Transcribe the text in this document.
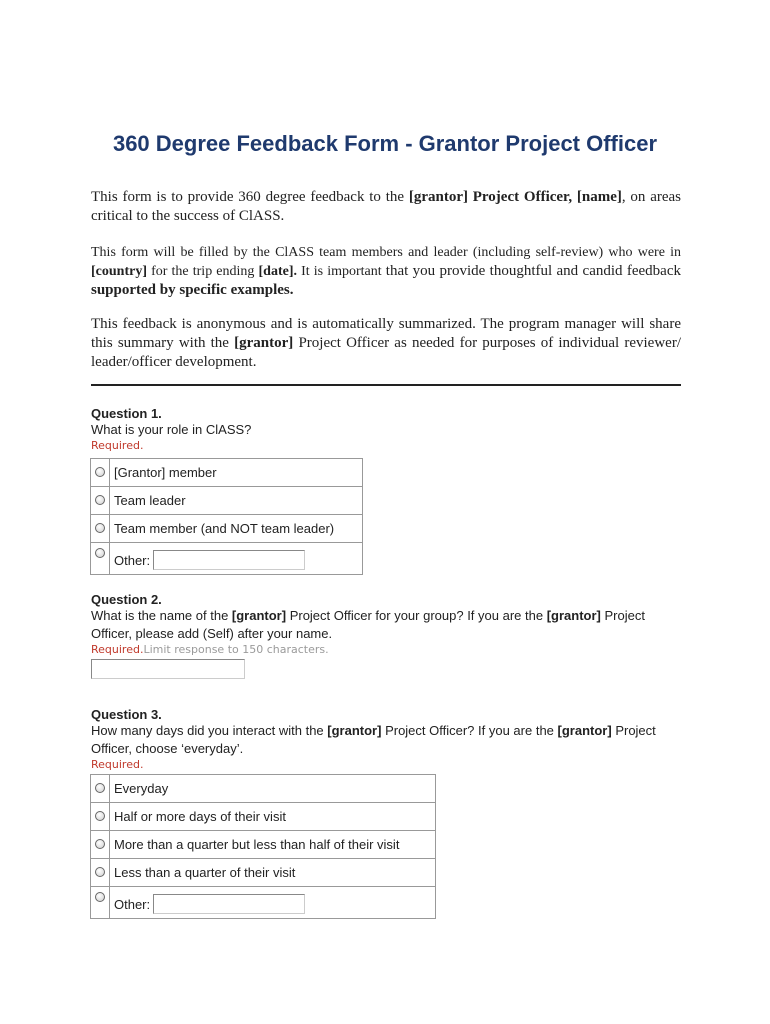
360 Degree Feedback Form - Grantor Project Officer

This form is to provide 360 degree feedback to the [grantor] Project Officer, [name], on areas critical to the success of ClASS.

This form will be filled by the ClASS team members and leader (including self-review) who were in [country] for the trip ending [date]. It is important that you provide thoughtful and candid feedback supported by specific examples.

This feedback is anonymous and is automatically summarized. The program manager will share this summary with the [grantor] Project Officer as needed for purposes of individual reviewer/ leader/officer development.

Question 1.
What is your role in ClASS?
Required.
	[Grantor] member
	Team leader
	Team member (and NOT team leader)
	Other:
Question 2.
What is the name of the [grantor] Project Officer for your group? If you are the [grantor] Project Officer, please add (Self) after your name.
Required.Limit response to 150 characters.
Question 3.
How many days did you interact with the [grantor] Project Officer? If you are the [grantor] Project Officer, choose ‘everyday’.
Required.
	Everyday
	Half or more days of their visit
	More than a quarter but less than half of their visit
	Less than a quarter of their visit
	Other:
